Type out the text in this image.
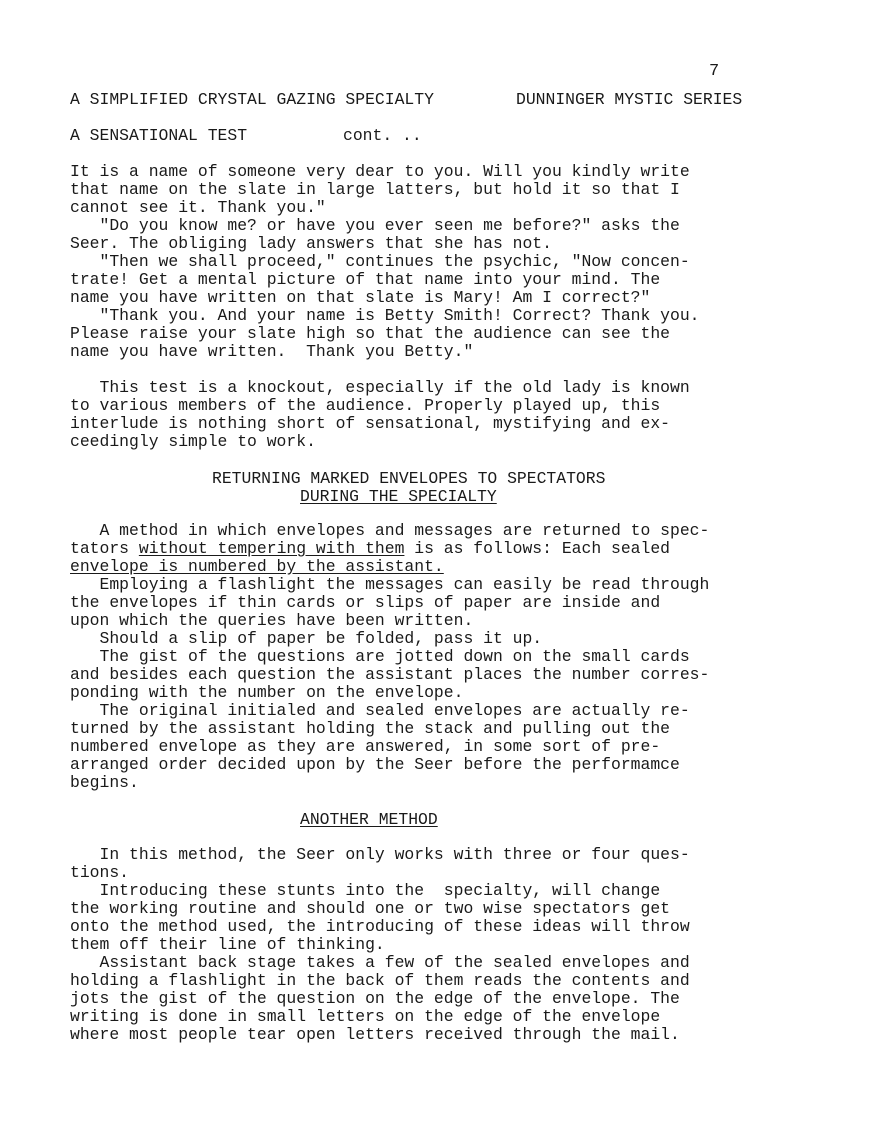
7
A SIMPLIFIED CRYSTAL GAZING SPECIALTY	DUNNINGER MYSTIC SERIES
A SENSATIONAL TEST	cont. ..
It is a name of someone very dear to you. Will you kindly write
that name on the slate in large latters, but hold it so that I
cannot see it. Thank you."
"Do you know me? or have you ever seen me before?" asks the
Seer. The obliging lady answers that she has not.
"Then we shall proceed," continues the psychic, "Now concen-
trate! Get a mental picture of that name into your mind. The
name you have written on that slate is Mary! Am I correct?"
"Thank you. And your name is Betty Smith! Correct? Thank you.
Please raise your slate high so that the audience can see the
name you have written.  Thank you Betty."
This test is a knockout, especially if the old lady is known
to various members of the audience. Properly played up, this
interlude is nothing short of sensational, mystifying and ex-
ceedingly simple to work.
RETURNING MARKED ENVELOPES TO SPECTATORS
DURING THE SPECIALTY
A method in which envelopes and messages are returned to spec-
tators without tempering with them is as follows: Each sealed
envelope is numbered by the assistant.
Employing a flashlight the messages can easily be read through
the envelopes if thin cards or slips of paper are inside and
upon which the queries have been written.
Should a slip of paper be folded, pass it up.
The gist of the questions are jotted down on the small cards
and besides each question the assistant places the number corres-
ponding with the number on the envelope.
The original initialed and sealed envelopes are actually re-
turned by the assistant holding the stack and pulling out the
numbered envelope as they are answered, in some sort of pre-
arranged order decided upon by the Seer before the performamce
begins.
ANOTHER METHOD
In this method, the Seer only works with three or four ques-
tions.
Introducing these stunts into the  specialty, will change
the working routine and should one or two wise spectators get
onto the method used, the introducing of these ideas will throw
them off their line of thinking.
Assistant back stage takes a few of the sealed envelopes and
holding a flashlight in the back of them reads the contents and
jots the gist of the question on the edge of the envelope. The
writing is done in small letters on the edge of the envelope
where most people tear open letters received through the mail.
